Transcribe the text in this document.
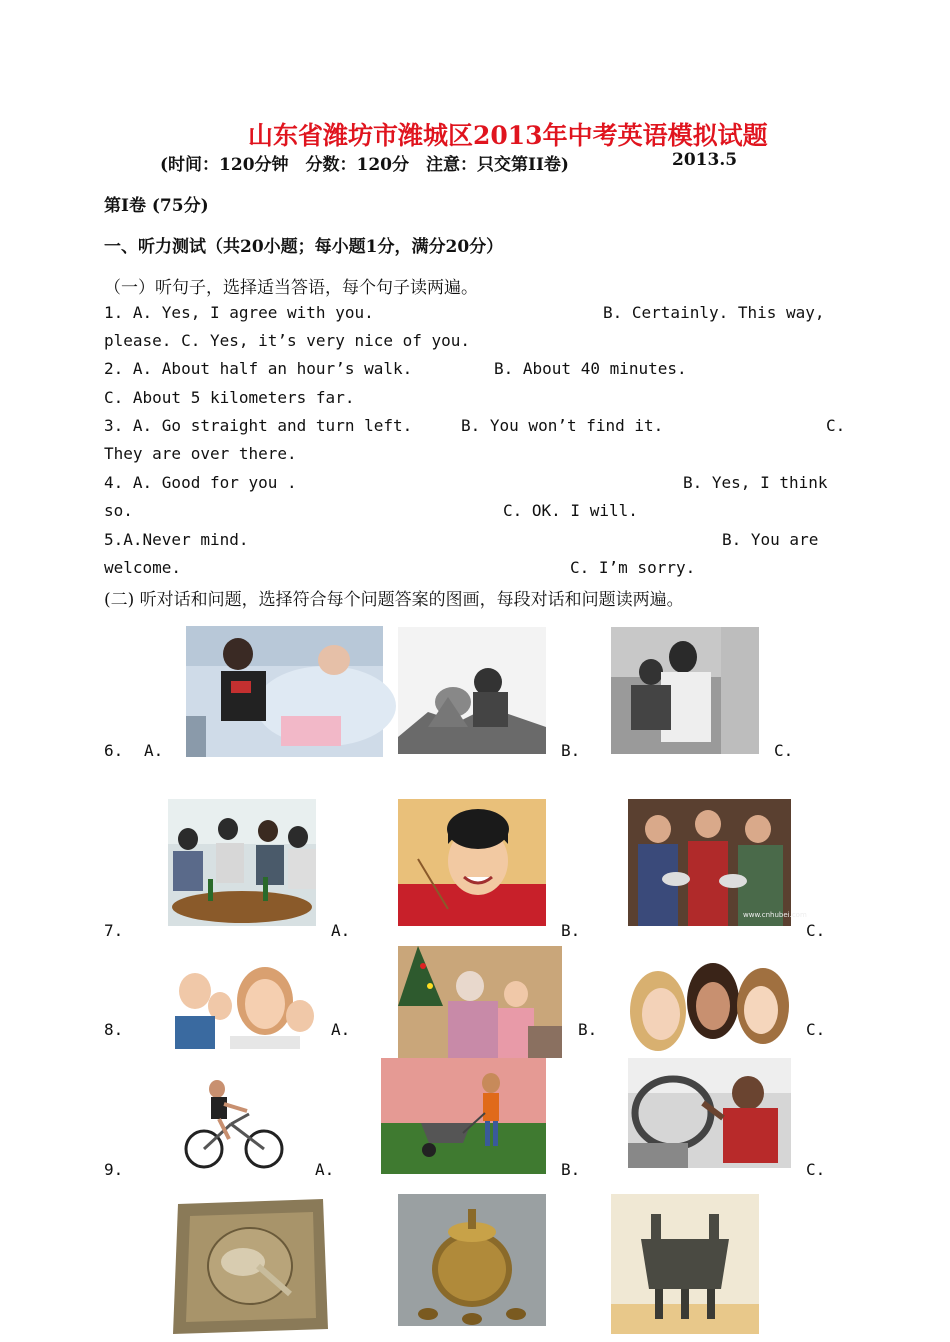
山东省潍坊市潍城区2013年中考英语模拟试题
(时间：120分钟　分数：120分　注意：只交第II卷)	2013.5
第I卷 (75分)
一、听力测试（共20小题；每小题1分，满分20分）
（一）听句子，选择适当答语，每个句子读两遍。
1. A. Yes, I agree with you.	B. Certainly. This way,
please. C. Yes, it’s very nice of you.
2. A. About half an hour’s walk.	B. About 40 minutes.
C. About 5 kilometers far.
3. A. Go straight and turn left.	B. You won’t find it.	C.
They are over there.
4. A. Good for you .	B. Yes, I think
so.	C. OK. I will.
5.A.Never mind.	B. You are
welcome.	C. I’m sorry.
(二) 听对话和问题，选择符合每个问题答案的图画，每段对话和问题读两遍。
6. A.	B.	C.
www.cnhubei.com
7.	A.	B.	C.
8.	A.	B.	C.
9.	A.	B.	C.
